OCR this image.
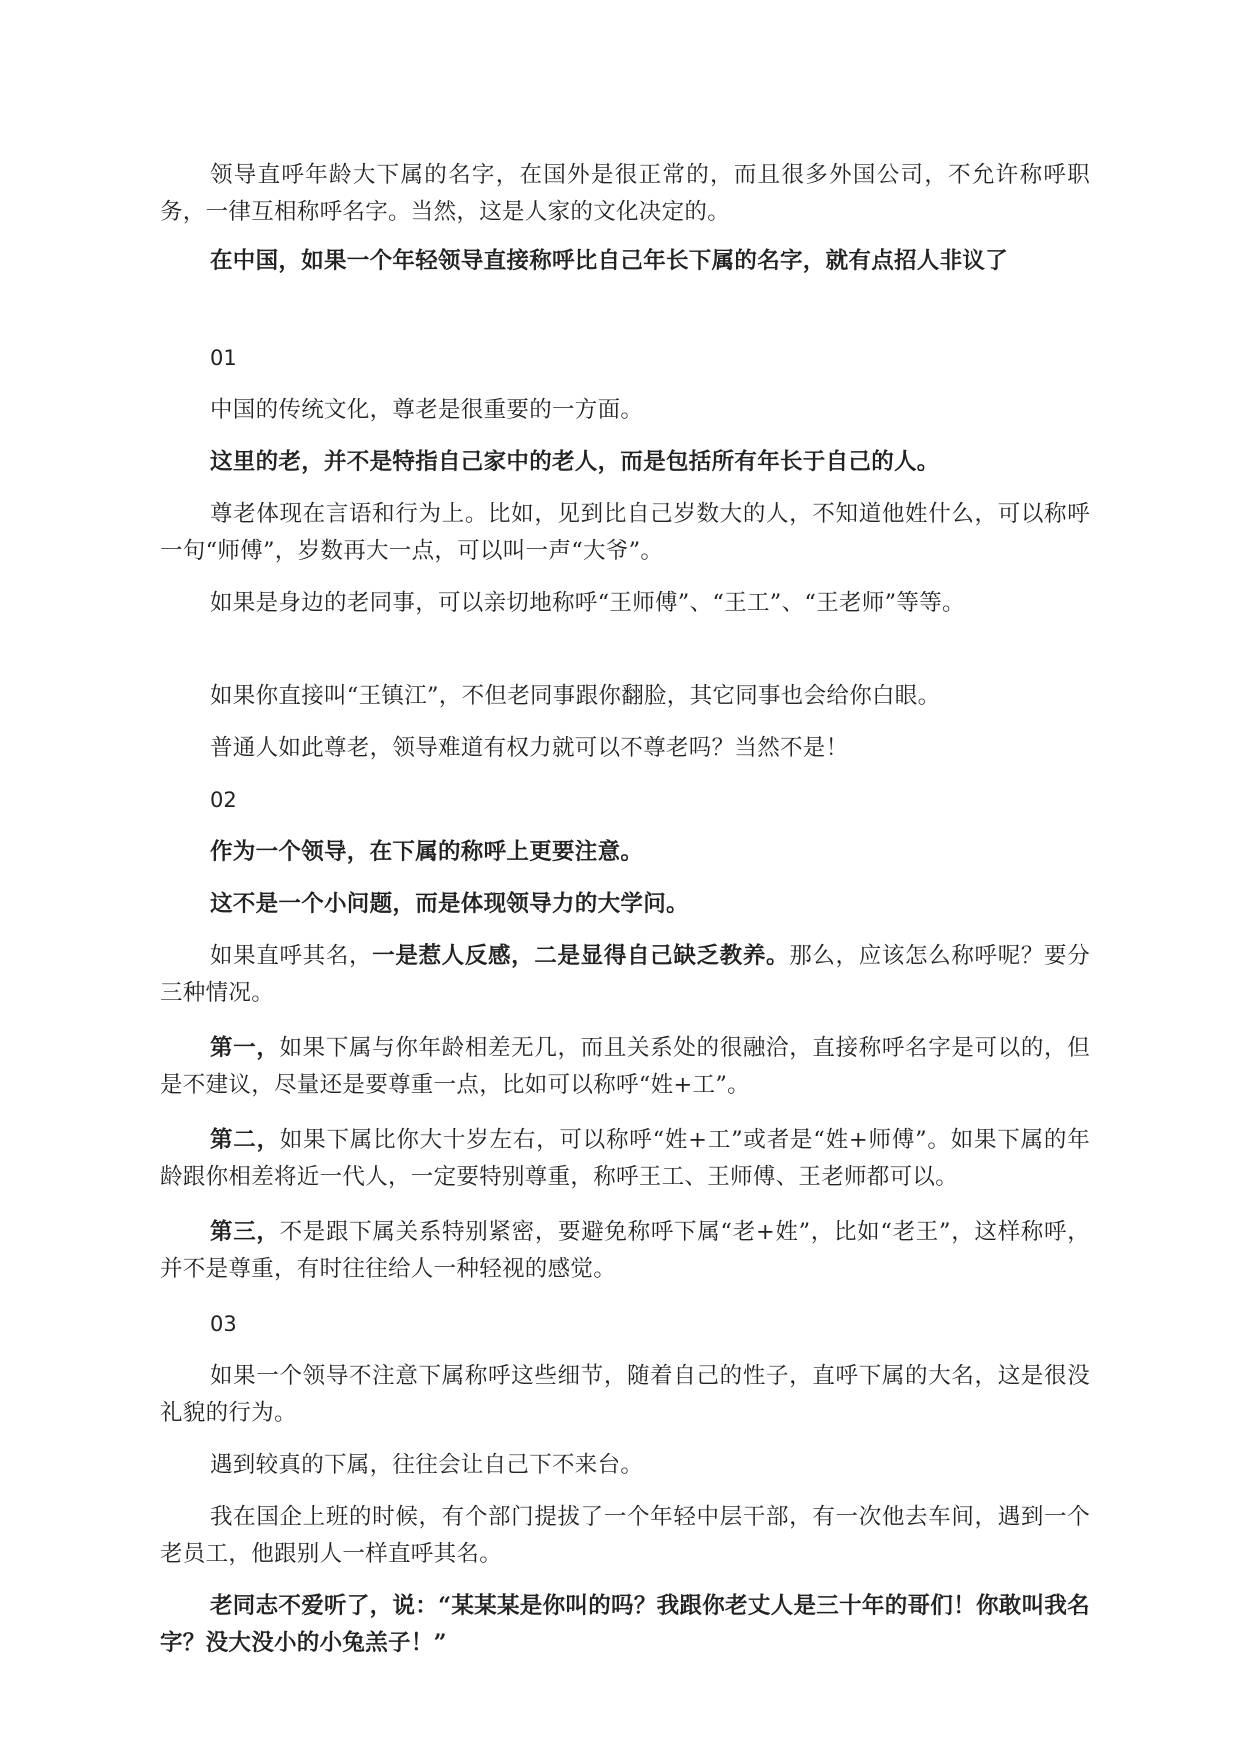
领导直呼年龄大下属的名字，在国外是很正常的，而且很多外国公司，不允许称呼职务，一律互相称呼名字。当然，这是人家的文化决定的。

在中国，如果一个年轻领导直接称呼比自己年长下属的名字，就有点招人非议了

01

中国的传统文化，尊老是很重要的一方面。

这里的老，并不是特指自己家中的老人，而是包括所有年长于自己的人。

尊老体现在言语和行为上。比如，见到比自己岁数大的人，不知道他姓什么，可以称呼一句“师傅”，岁数再大一点，可以叫一声“大爷”。

如果是身边的老同事，可以亲切地称呼“王师傅”、“王工”、“王老师”等等。

如果你直接叫“王镇江”，不但老同事跟你翻脸，其它同事也会给你白眼。

普通人如此尊老，领导难道有权力就可以不尊老吗？当然不是！

02

作为一个领导，在下属的称呼上更要注意。

这不是一个小问题，而是体现领导力的大学问。

如果直呼其名，一是惹人反感，二是显得自己缺乏教养。那么，应该怎么称呼呢？要分三种情况。

第一，如果下属与你年龄相差无几，而且关系处的很融洽，直接称呼名字是可以的，但是不建议，尽量还是要尊重一点，比如可以称呼“姓+工”。

第二，如果下属比你大十岁左右，可以称呼“姓+工”或者是“姓+师傅”。如果下属的年龄跟你相差将近一代人，一定要特别尊重，称呼王工、王师傅、王老师都可以。

第三，不是跟下属关系特别紧密，要避免称呼下属“老+姓”，比如“老王”，这样称呼，并不是尊重，有时往往给人一种轻视的感觉。

03

如果一个领导不注意下属称呼这些细节，随着自己的性子，直呼下属的大名，这是很没礼貌的行为。

遇到较真的下属，往往会让自己下不来台。

我在国企上班的时候，有个部门提拔了一个年轻中层干部，有一次他去车间，遇到一个老员工，他跟别人一样直呼其名。

老同志不爱听了，说：“某某某是你叫的吗？我跟你老丈人是三十年的哥们！你敢叫我名字？没大没小的小兔羔子！”
